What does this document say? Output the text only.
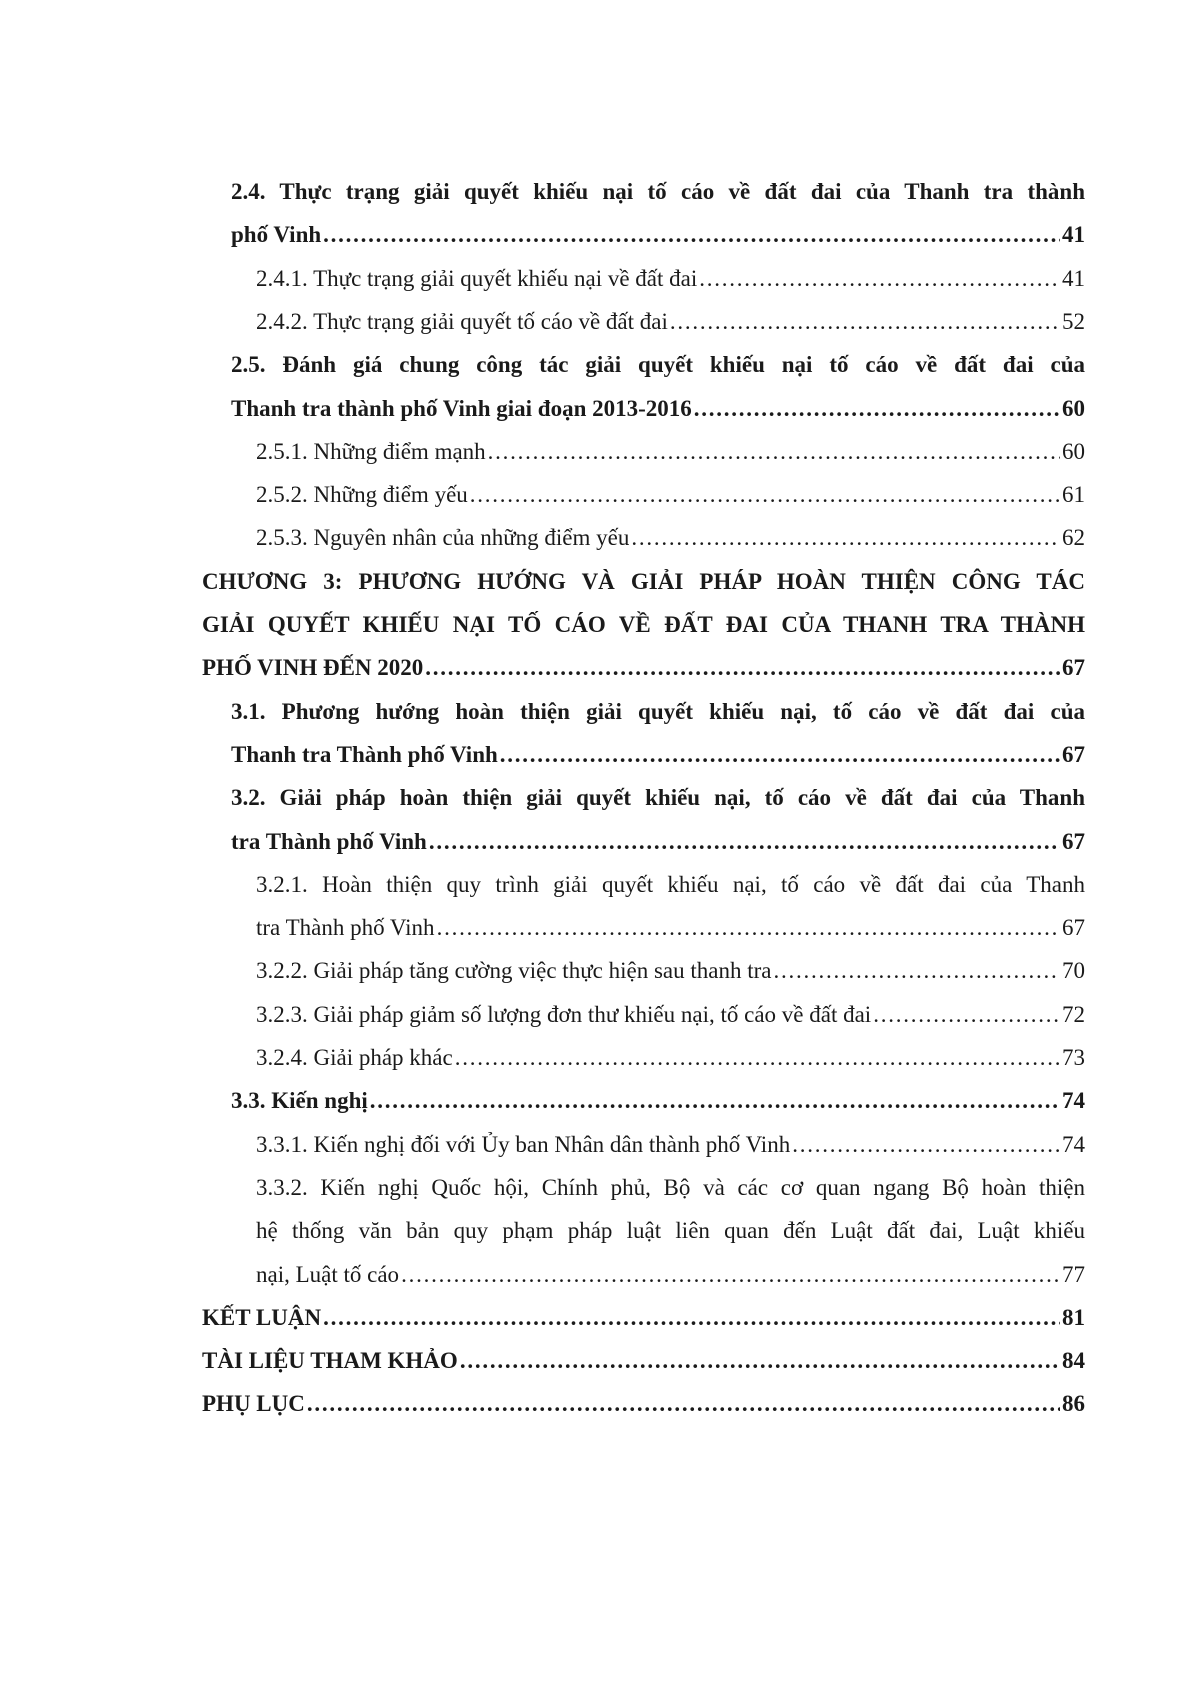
2.4. Thực trạng giải quyết khiếu nại tố cáo về đất đai của Thanh tra thành
phố Vinh . . .	41
2.4.1. Thực trạng giải quyết khiếu nại về đất đai . . .	41
2.4.2. Thực trạng giải quyết tố cáo về đất đai . . .	52
2.5. Đánh giá chung công tác giải quyết khiếu nại tố cáo về đất đai của
Thanh tra thành phố Vinh giai đoạn 2013-2016 . . .	60
2.5.1. Những điểm mạnh . . .	60
2.5.2. Những điểm yếu . . .	61
2.5.3. Nguyên nhân của những điểm yếu . . .	62
CHƯƠNG 3: PHƯƠNG HƯỚNG VÀ GIẢI PHÁP HOÀN THIỆN CÔNG TÁC
GIẢI QUYẾT KHIẾU NẠI TỐ CÁO VỀ ĐẤT ĐAI CỦA THANH TRA THÀNH
PHỐ VINH ĐẾN 2020 . . .	67
3.1. Phương hướng hoàn thiện giải quyết khiếu nại, tố cáo về đất đai của
Thanh tra Thành phố Vinh . . .	67
3.2. Giải pháp hoàn thiện giải quyết khiếu nại, tố cáo về đất đai của Thanh
tra Thành phố Vinh . . .	67
3.2.1. Hoàn thiện quy trình giải quyết khiếu nại, tố cáo về đất đai của Thanh
tra Thành phố Vinh . . .	67
3.2.2. Giải pháp tăng cường việc thực hiện sau thanh tra . . .	70
3.2.3. Giải pháp giảm số lượng đơn thư khiếu nại, tố cáo về đất đai . . .	72
3.2.4. Giải pháp khác . . .	73
3.3. Kiến nghị . . .	74
3.3.1. Kiến nghị đối với Ủy ban Nhân dân thành phố Vinh . . .	74
3.3.2. Kiến nghị Quốc hội, Chính phủ, Bộ và các cơ quan ngang Bộ hoàn thiện
hệ thống văn bản quy phạm pháp luật liên quan đến Luật đất đai, Luật khiếu
nại, Luật tố cáo . . .	77
KẾT LUẬN . . .	81
TÀI LIỆU THAM KHẢO . . .	84
PHỤ LỤC . . .	86
